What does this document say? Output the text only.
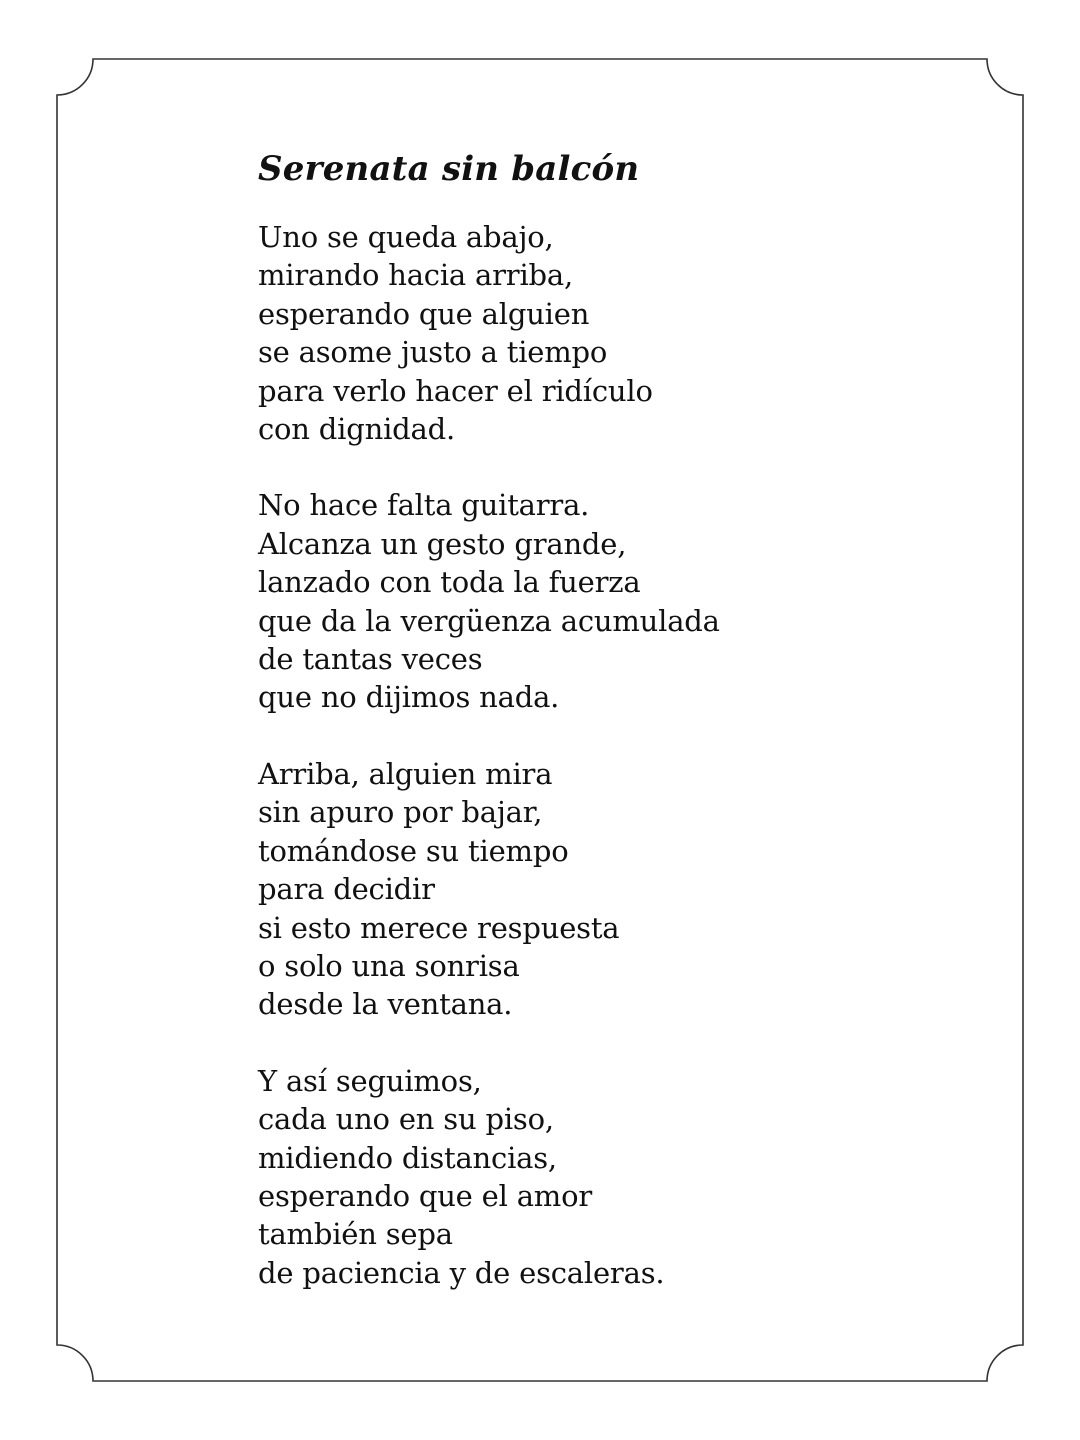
Serenata sin balcón
Uno se queda abajo,
mirando hacia arriba,
esperando que alguien
se asome justo a tiempo
para verlo hacer el ridículo
con dignidad.
No hace falta guitarra.
Alcanza un gesto grande,
lanzado con toda la fuerza
que da la vergüenza acumulada
de tantas veces
que no dijimos nada.
Arriba, alguien mira
sin apuro por bajar,
tomándose su tiempo
para decidir
si esto merece respuesta
o solo una sonrisa
desde la ventana.
Y así seguimos,
cada uno en su piso,
midiendo distancias,
esperando que el amor
también sepa
de paciencia y de escaleras.
